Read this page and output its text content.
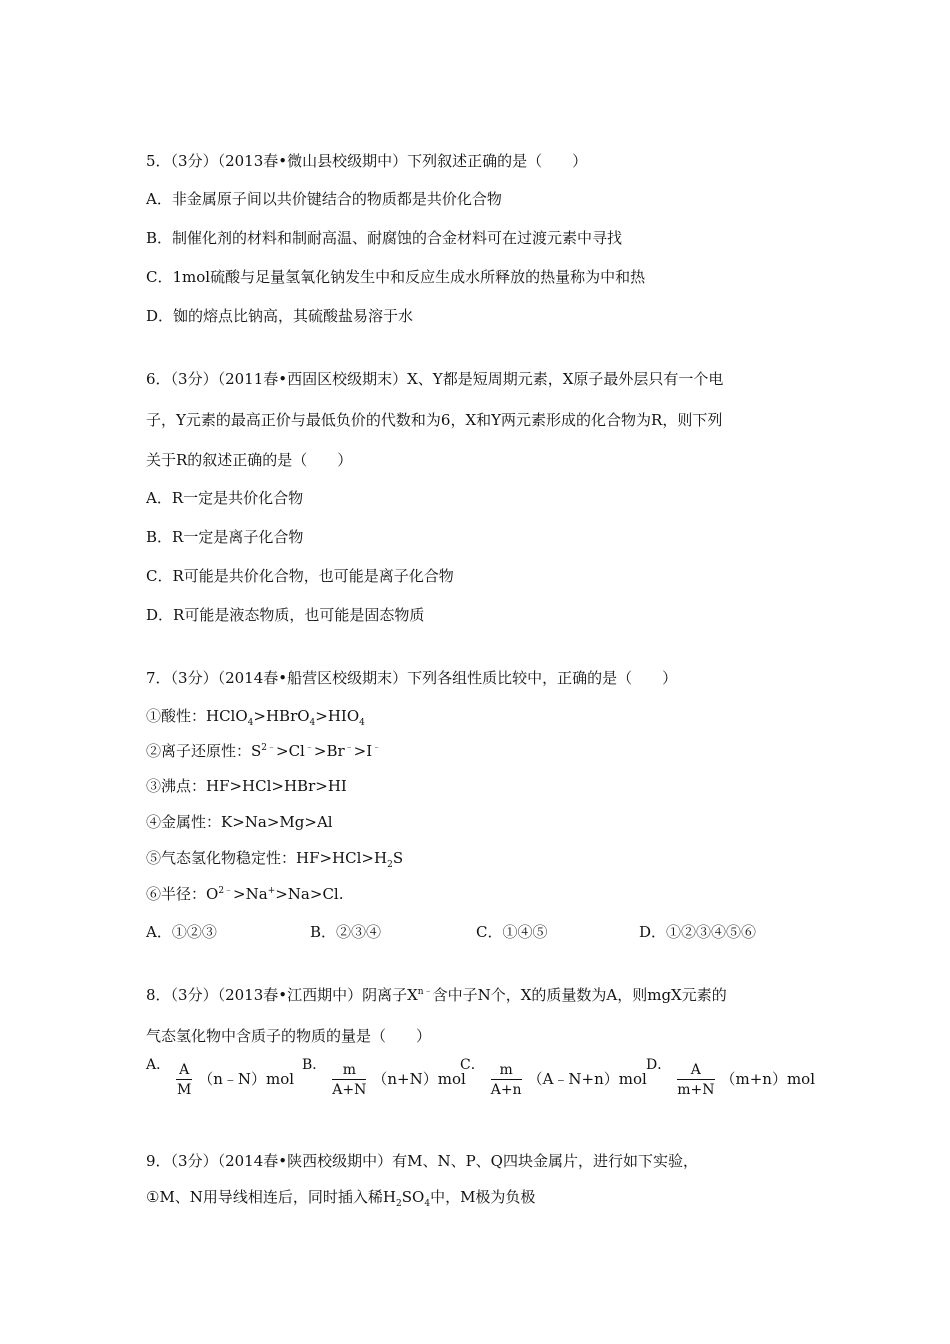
5．（3分）（2013春•微山县校级期中）下列叙述正确的是（　　）
A．非金属原子间以共价键结合的物质都是共价化合物
B．制催化剂的材料和制耐高温、耐腐蚀的合金材料可在过渡元素中寻找
C．1mol硫酸与足量氢氧化钠发生中和反应生成水所释放的热量称为中和热
D．铷的熔点比钠高，其硫酸盐易溶于水
6．（3分）（2011春•西固区校级期末）X、Y都是短周期元素，X原子最外层只有一个电
子，Y元素的最高正价与最低负价的代数和为6，X和Y两元素形成的化合物为R，则下列
关于R的叙述正确的是（　　）
A．R一定是共价化合物
B．R一定是离子化合物
C．R可能是共价化合物，也可能是离子化合物
D．R可能是液态物质，也可能是固态物质
7．（3分）（2014春•船营区校级期末）下列各组性质比较中，正确的是（　　）
①酸性：$HClO_4>HBrO_4>HIO_4$
②离子还原性：$S^{2﹣}>Cl^﹣>Br^﹣>I^﹣$
③沸点：HF>HCl>HBr>HI
④金属性：K>Na>Mg>Al
⑤气态氢化物稳定性：$HF>HCl>H_2S$
⑥半径：$O^{2﹣}>Na^+>Na>Cl$.
A．①②③	B．②③④	C．①④⑤	D．①②③④⑤⑥
8．（3分）（2013春•江西期中）阴离子$X^{n﹣}$含中子N个，X的质量数为A，则mgX元素的
气态氢化物中含质子的物质的量是（　　）
A． $\frac{A}{M}$ （n﹣N）mol
B． $\frac{m}{A+N} (n+N)mol$
C． $\frac{m}{A+n}$ （A﹣N+n）mol
D． $\frac{A}{m+N} (m+n)mol$
9．（3分）（2014春•陕西校级期中）有M、N、P、Q四块金属片，进行如下实验，
①M、N用导线相连后，同时插入稀$H_2SO_4$中，M极为负极
